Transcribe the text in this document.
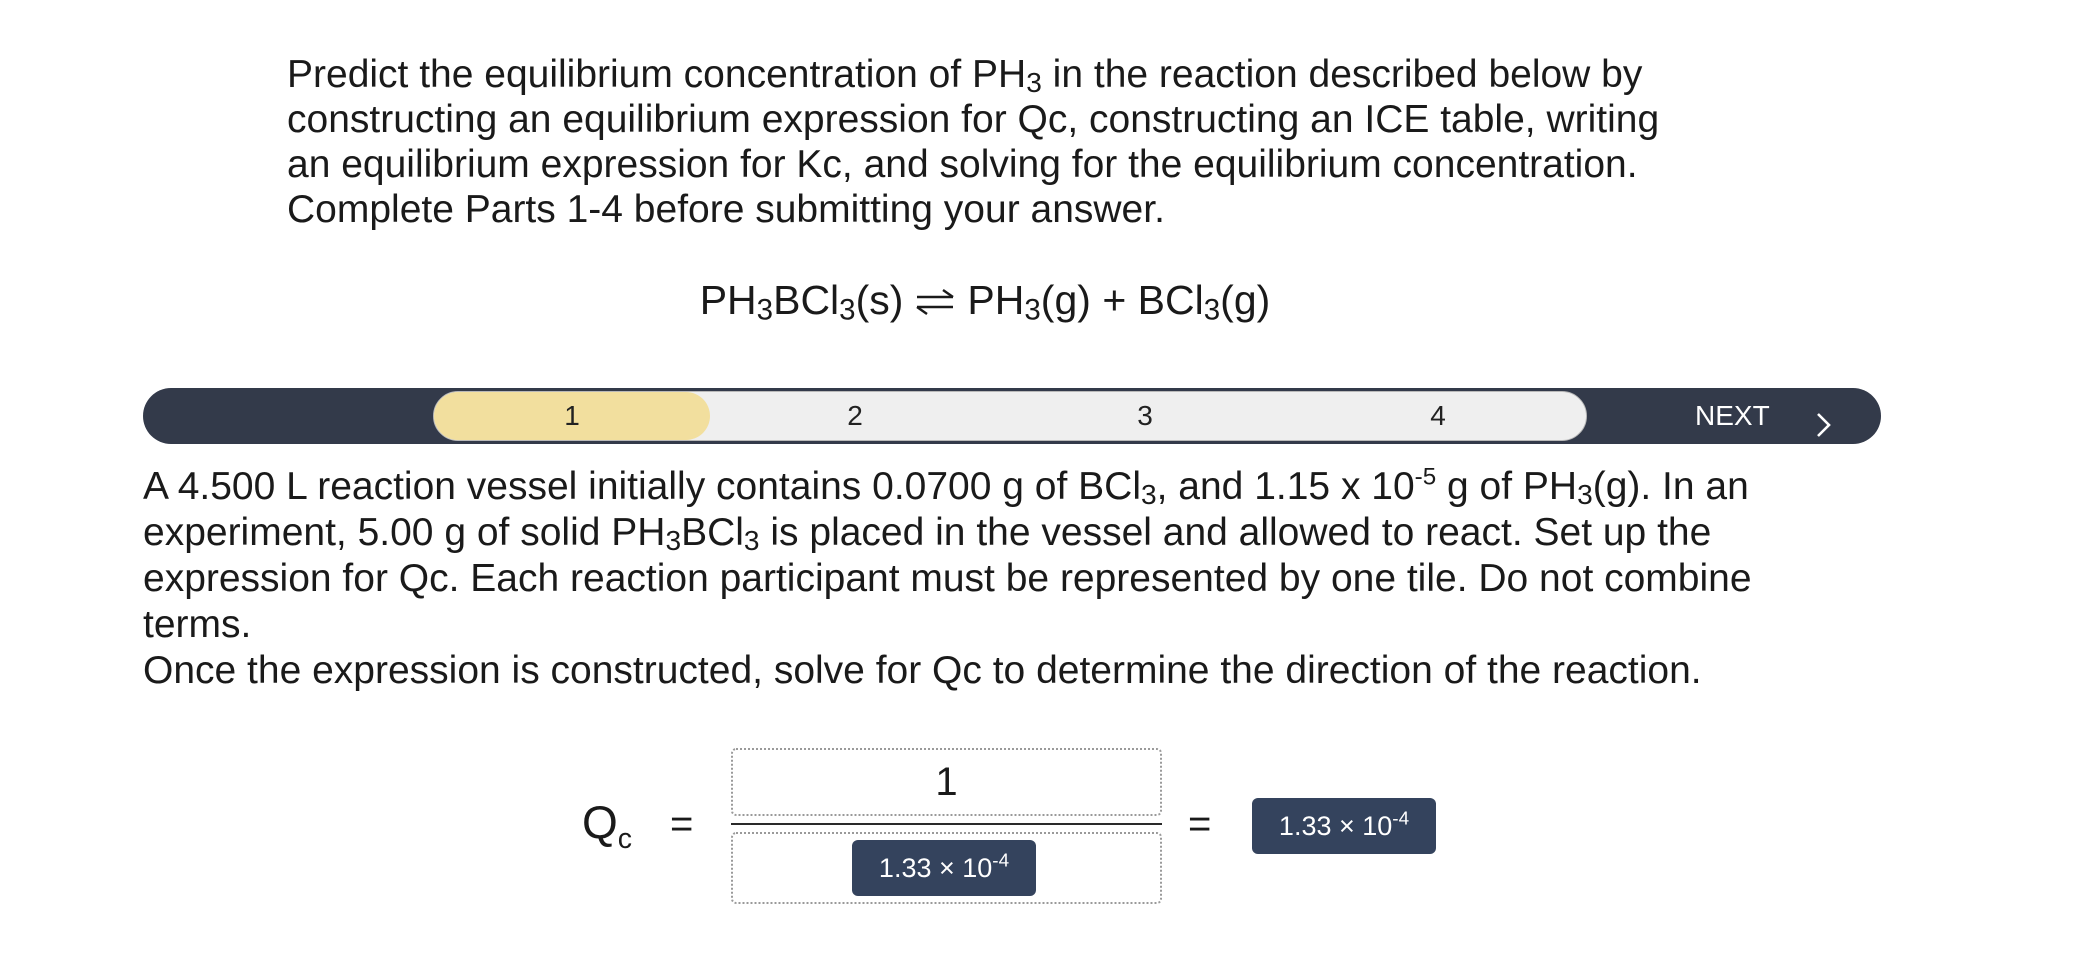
Predict the equilibrium concentration of $PH_3$ in the reaction described below by
constructing an equilibrium expression for Qc, constructing an ICE table, writing
an equilibrium expression for Kc, and solving for the equilibrium concentration.
Complete Parts 1-4 before submitting your answer.

$PH_3BCl_3(s)$ ⇌ $PH_3(g) + BCl_3(g)$
1	2	3	4	NEXT
A 4.500 L reaction vessel initially contains 0.0700 g of BCl$_3$, and 1.15 x $10^{-5}$ g of $PH_3(g)$. In an
experiment, 5.00 g of solid $PH_3BCl_3$ is placed in the vessel and allowed to react. Set up the
expression for Qc. Each reaction participant must be represented by one tile. Do not combine
terms.
Once the expression is constructed, solve for Qc to determine the direction of the reaction.
$Q_c$ =
1
$1.33 \times 10^{-4}$
=	$1.33 \times 10^{-4}$
